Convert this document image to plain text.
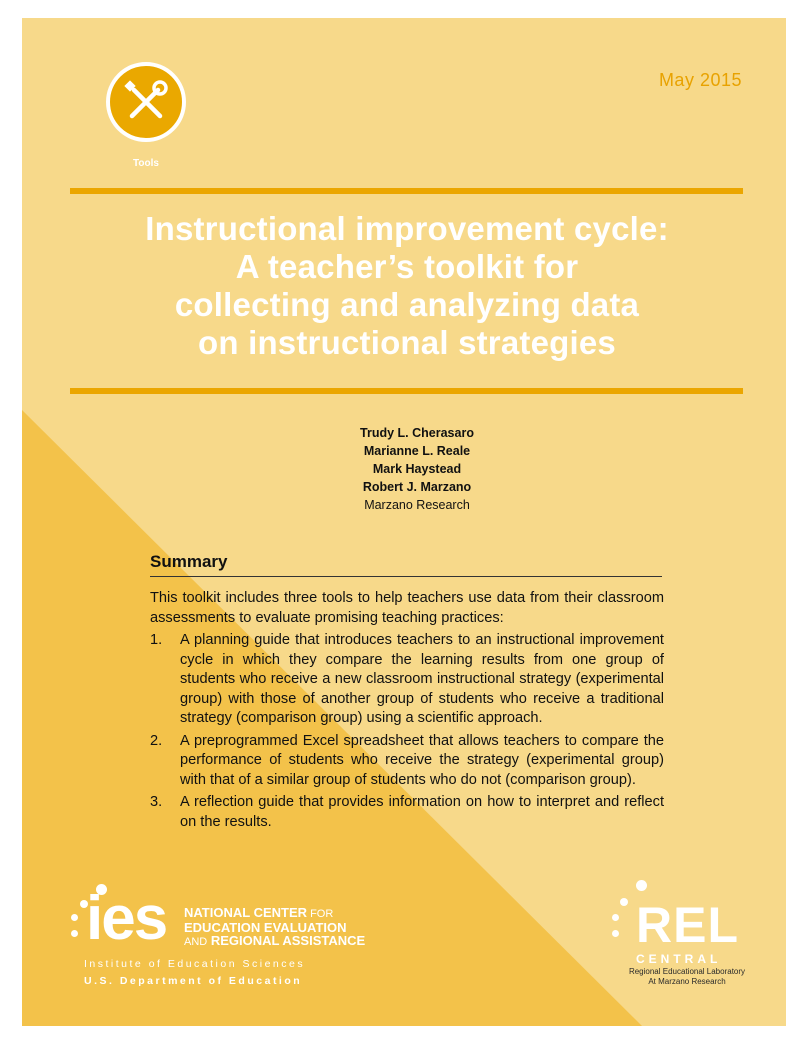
May 2015
Tools
Instructional improvement cycle:
A teacher’s toolkit for
collecting and analyzing data
on instructional strategies
Trudy L. Cherasaro
Marianne L. Reale
Mark Haystead
Robert J. Marzano
Marzano Research
Summary

This toolkit includes three tools to help teachers use data from their classroom assessments to evaluate promising teaching practices:

1. A planning guide that introduces teachers to an instructional improvement cycle in which they compare the learning results from one group of students who receive a new classroom instructional strategy (experimental group) with those of another group of students who receive a traditional strategy (comparison group) using a scientific approach.
2. A preprogrammed Excel spreadsheet that allows teachers to compare the performance of students who receive the strategy (experimental group) with that of a similar group of students who do not (comparison group).
3. A reflection guide that provides information on how to interpret and reflect on the results.
ies NATIONAL CENTER FOR
EDUCATION EVALUATION
AND REGIONAL ASSISTANCE
Institute of Education Sciences
U.S. Department of Education
REL
CENTRAL
Regional Educational Laboratory
At Marzano Research
